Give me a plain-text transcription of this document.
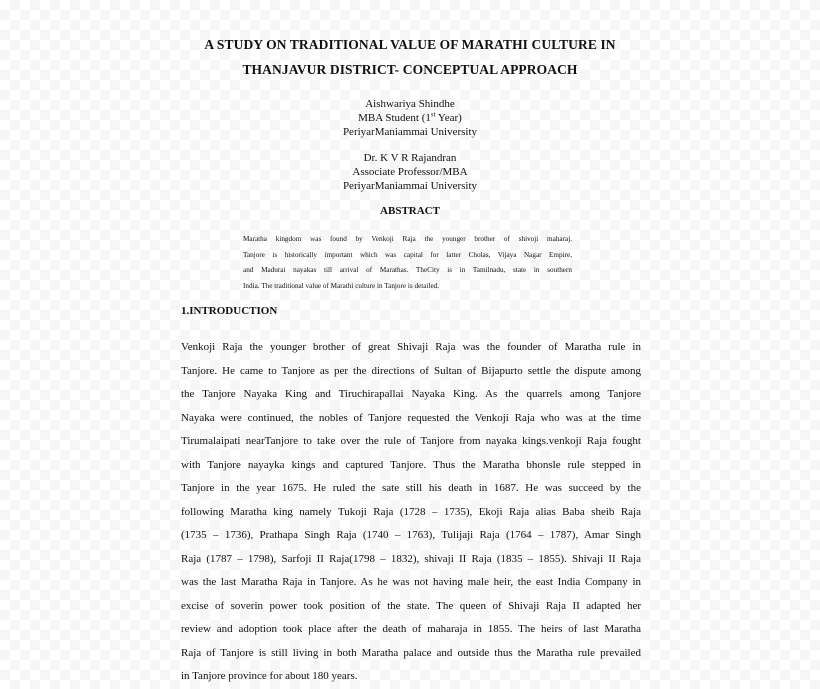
A STUDY ON TRADITIONAL VALUE OF MARATHI CULTURE IN
THANJAVUR DISTRICT- CONCEPTUAL APPROACH
Aishwariya Shindhe
MBA Student (1st Year)
PeriyarManiammai University
Dr. K V R Rajandran
Associate Professor/MBA
PeriyarManiammai University
ABSTRACT
Maratha kingdom was found by Venkoji Raja the younger brother of shivoji maharaj.
Tanjore is historically important which was capital for latter Cholas, Vijaya Nagar Empire,
and Madurai nayakas till arrival of Marathas. TheCity is in Tamilnadu, state in southern
India. The traditional value of Marathi culture in Tanjore is detailed.
1.INTRODUCTION
Venkoji Raja the younger brother of great Shivaji Raja was the founder of Maratha rule in
Tanjore. He came to Tanjore as per the directions of Sultan of Bijapurto settle the dispute among
the Tanjore Nayaka King and Tiruchirapallai Nayaka King. As the quarrels among Tanjore
Nayaka were continued, the nobles of Tanjore requested the Venkoji Raja who was at the time
Tirumalaipati nearTanjore to take over the rule of Tanjore from nayaka kings.venkoji Raja fought
with Tanjore nayayka kings and captured Tanjore. Thus the Maratha bhonsle rule stepped in
Tanjore in the year 1675. He ruled the sate still his death in 1687. He was succeed by the
following Maratha king namely Tukoji Raja (1728 – 1735), Ekoji Raja alias Baba sheib Raja
(1735 – 1736), Prathapa Singh Raja (1740 – 1763), Tulijaji Raja (1764 – 1787), Amar Singh
Raja (1787 – 1798), Sarfoji II Raja(1798 – 1832), shivaji II Raja (1835 – 1855). Shivaji II Raja
was the last Maratha Raja in Tanjore. As he was not having male heir, the east India Company in
excise of soverin power took position of the state. The queen of Shivaji Raja II adapted her
review and adoption took place after the death of maharaja in 1855. The heirs of last Maratha
Raja of Tanjore is still living in both Maratha palace and outside thus the Maratha rule prevailed
in Tanjore province for about 180 years.
